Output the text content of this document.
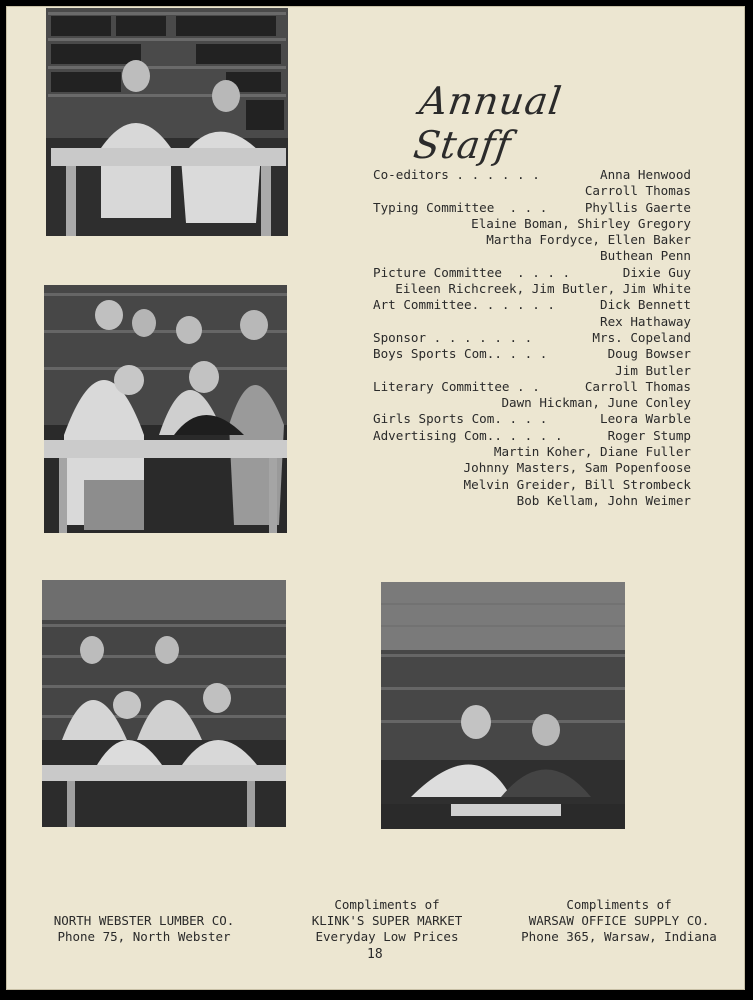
Annual Staff
Co-editors . . . . . .	Anna Henwood
Carroll Thomas
Typing Committee  . . .	Phyllis Gaerte
Elaine Boman, Shirley Gregory
Martha Fordyce, Ellen Baker
Buthean Penn
Picture Committee  . . . .	Dixie Guy
Eileen Richcreek, Jim Butler, Jim White
Art Committee. . . . . .	Dick Bennett
Rex Hathaway
Sponsor . . . . . . .	Mrs. Copeland
Boys Sports Com.. . . .	Doug Bowser
Jim Butler
Literary Committee . .	Carroll Thomas
Dawn Hickman, June Conley
Girls Sports Com. . . .	Leora Warble
Advertising Com.. . . . .	Roger Stump
Martin Koher, Diane Fuller
Johnny Masters, Sam Popenfoose
Melvin Greider, Bill Strombeck
Bob Kellam, John Weimer
NORTH WEBSTER LUMBER CO.
Phone 75, North Webster
Compliments of
KLINK'S SUPER MARKET
Everyday Low Prices
Compliments of
WARSAW OFFICE SUPPLY CO.
Phone 365, Warsaw, Indiana
18
